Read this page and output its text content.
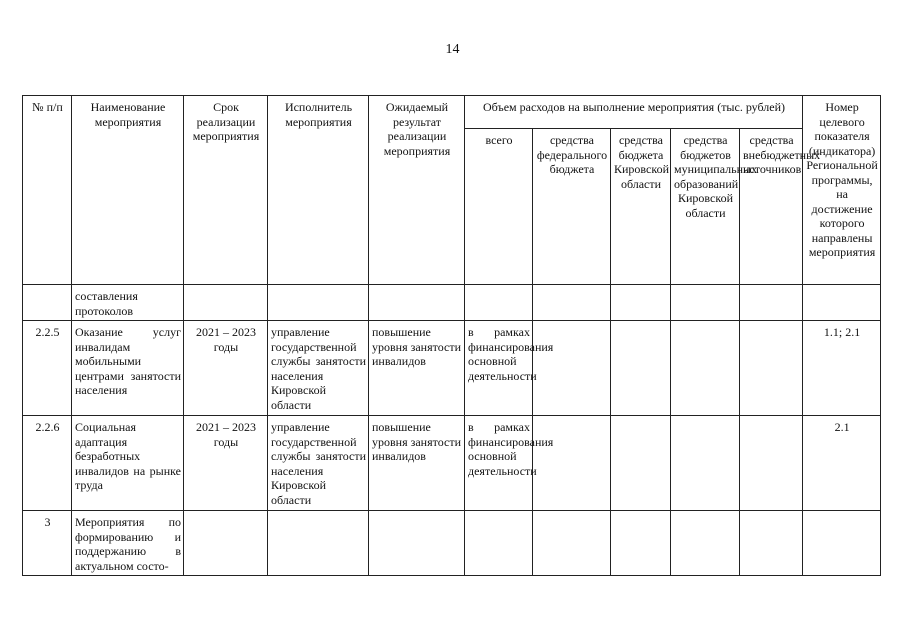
14
№ п/п	Наименование мероприятия	Срок реализации мероприятия	Исполнитель мероприятия	Ожидаемый результат реализации мероприятия	Объем расходов на выполнение мероприятия (тыс. рублей)					Номер целевого показателя (индикатора) Региональной программы, на достижение которого направлены мероприятия
					всего	средства федерального бюджета	средства бюджета Кировской области	средства бюджетов муниципальных образований Кировской области	средства внебюджетных источников	
	составления протоколов									
2.2.5	Оказание услуг инвалидам мобильными центрами занятости населения	2021 – 2023 годы	управление государственной службы занятости населения Кировской области	повышение уровня занятости инвалидов	в рамках финансирования основной деятельности					1.1; 2.1
2.2.6	Социальная адаптация безработных инвалидов на рынке труда	2021 – 2023 годы	управление государственной службы занятости населения Кировской области	повышение уровня занятости инвалидов	в рамках финансирования основной деятельности					2.1
3	Мероприятия по формированию и поддержанию в актуальном состо-									
